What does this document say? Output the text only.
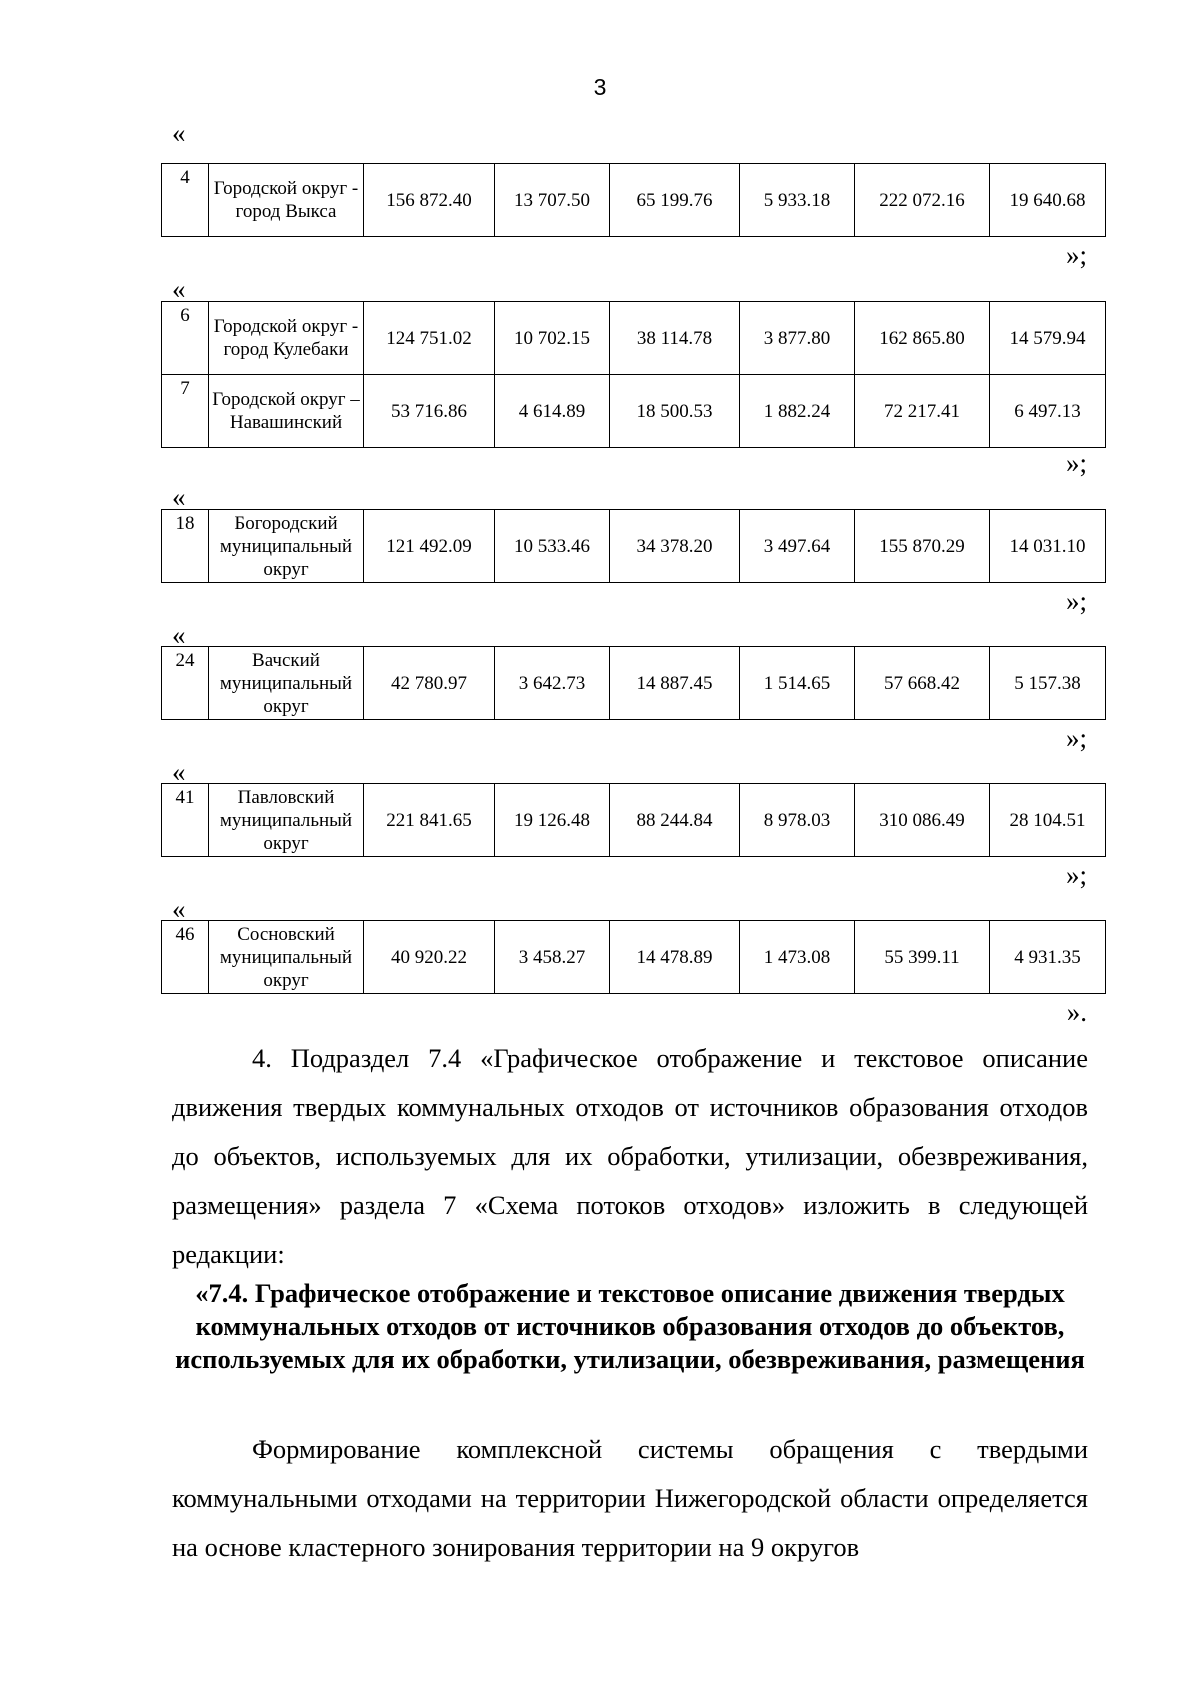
3
«
4	Городской округ - город Выкса	156 872.40	13 707.50	65 199.76	5 933.18	222 072.16	19 640.68
»;
«
6	Городской округ - город Кулебаки	124 751.02	10 702.15	38 114.78	3 877.80	162 865.80	14 579.94
7	Городской округ – Навашинский	53 716.86	4 614.89	18 500.53	1 882.24	72 217.41	6 497.13
»;
«
18	Богородский муниципальный округ	121 492.09	10 533.46	34 378.20	3 497.64	155 870.29	14 031.10
»;
«
24	Вачский муниципальный округ	42 780.97	3 642.73	14 887.45	1 514.65	57 668.42	5 157.38
»;
«
41	Павловский муниципальный округ	221 841.65	19 126.48	88 244.84	8 978.03	310 086.49	28 104.51
»;
«
46	Сосновский муниципальный округ	40 920.22	3 458.27	14 478.89	1 473.08	55 399.11	4 931.35
».

4. Подраздел 7.4 «Графическое отображение и текстовое описание движения твердых коммунальных отходов от источников образования отходов до объектов, используемых для их обработки, утилизации, обезвреживания, размещения» раздела 7 «Схема потоков отходов» изложить в следующей редакции:

«7.4. Графическое отображение и текстовое описание движения твердых коммунальных отходов от источников образования отходов до объектов, используемых для их обработки, утилизации, обезвреживания, размещения

Формирование комплексной системы обращения с твердыми коммунальными отходами на территории Нижегородской области определяется на основе кластерного зонирования территории на 9 округов
